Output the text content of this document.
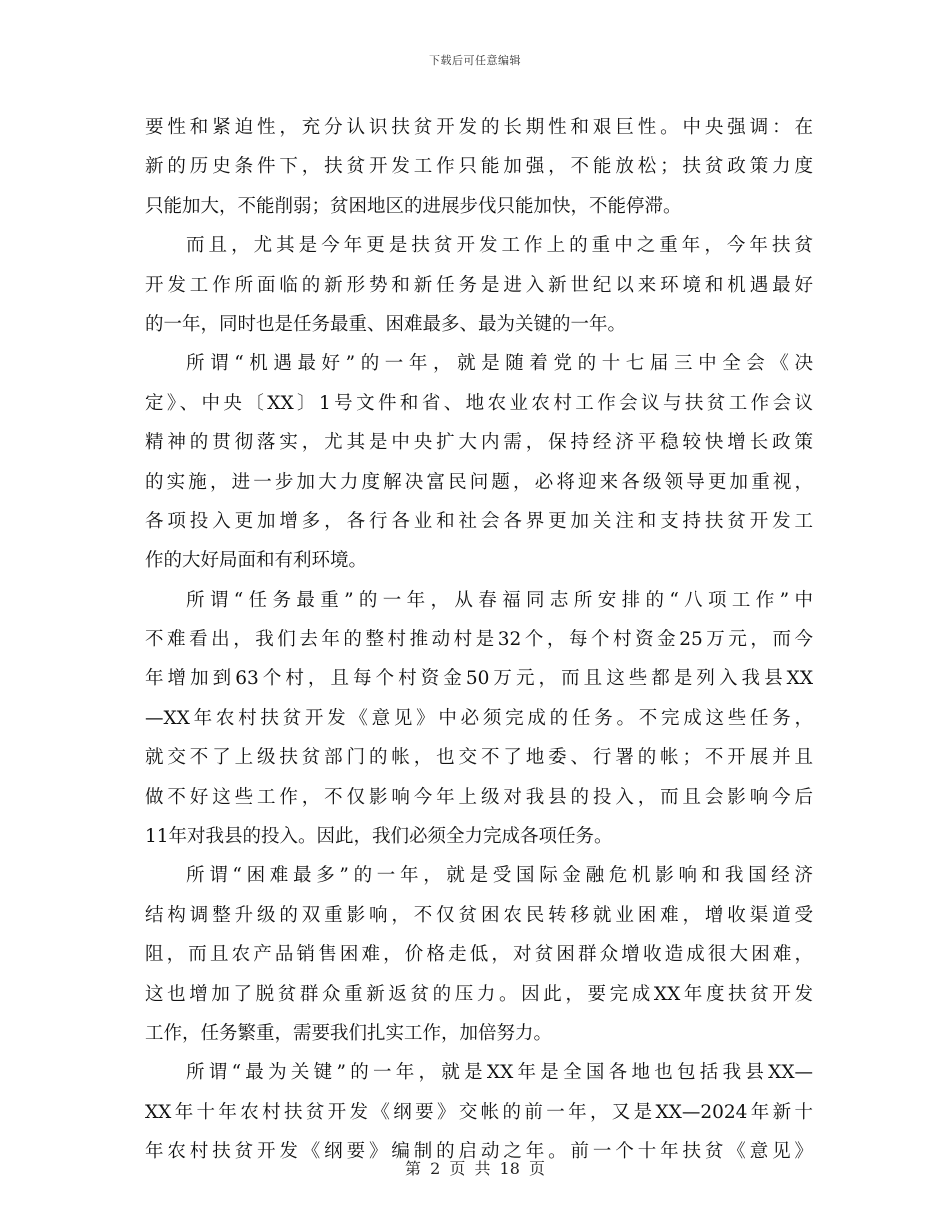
下载后可任意编辑
要性和紧迫性，充分认识扶贫开发的长期性和艰巨性。中央强调：在
新的历史条件下，扶贫开发工作只能加强，不能放松；扶贫政策力度
只能加大，不能削弱；贫困地区的进展步伐只能加快，不能停滞。
而且，尤其是今年更是扶贫开发工作上的重中之重年，今年扶贫
开发工作所面临的新形势和新任务是进入新世纪以来环境和机遇最好
的一年，同时也是任务最重、困难最多、最为关键的一年。
所谓“机遇最好”的一年，就是随着党的十七届三中全会《决
定》、中央〔XX〕1号文件和省、地农业农村工作会议与扶贫工作会议
精神的贯彻落实，尤其是中央扩大内需，保持经济平稳较快增长政策
的实施，进一步加大力度解决富民问题，必将迎来各级领导更加重视，
各项投入更加增多，各行各业和社会各界更加关注和支持扶贫开发工
作的大好局面和有利环境。
所谓“任务最重”的一年，从春福同志所安排的“八项工作”中
不难看出，我们去年的整村推动村是32个，每个村资金25万元，而今
年增加到63个村，且每个村资金50万元，而且这些都是列入我县XX
—XX年农村扶贫开发《意见》中必须完成的任务。不完成这些任务，
就交不了上级扶贫部门的帐，也交不了地委、行署的帐；不开展并且
做不好这些工作，不仅影响今年上级对我县的投入，而且会影响今后
11年对我县的投入。因此，我们必须全力完成各项任务。
所谓“困难最多”的一年，就是受国际金融危机影响和我国经济
结构调整升级的双重影响，不仅贫困农民转移就业困难，增收渠道受
阻，而且农产品销售困难，价格走低，对贫困群众增收造成很大困难，
这也增加了脱贫群众重新返贫的压力。因此，要完成XX年度扶贫开发
工作，任务繁重，需要我们扎实工作，加倍努力。
所谓“最为关键”的一年，就是XX年是全国各地也包括我县XX—
XX年十年农村扶贫开发《纲要》交帐的前一年，又是XX—2024年新十
年农村扶贫开发《纲要》编制的启动之年。前一个十年扶贫《意见》
第 2 页 共 18 页
